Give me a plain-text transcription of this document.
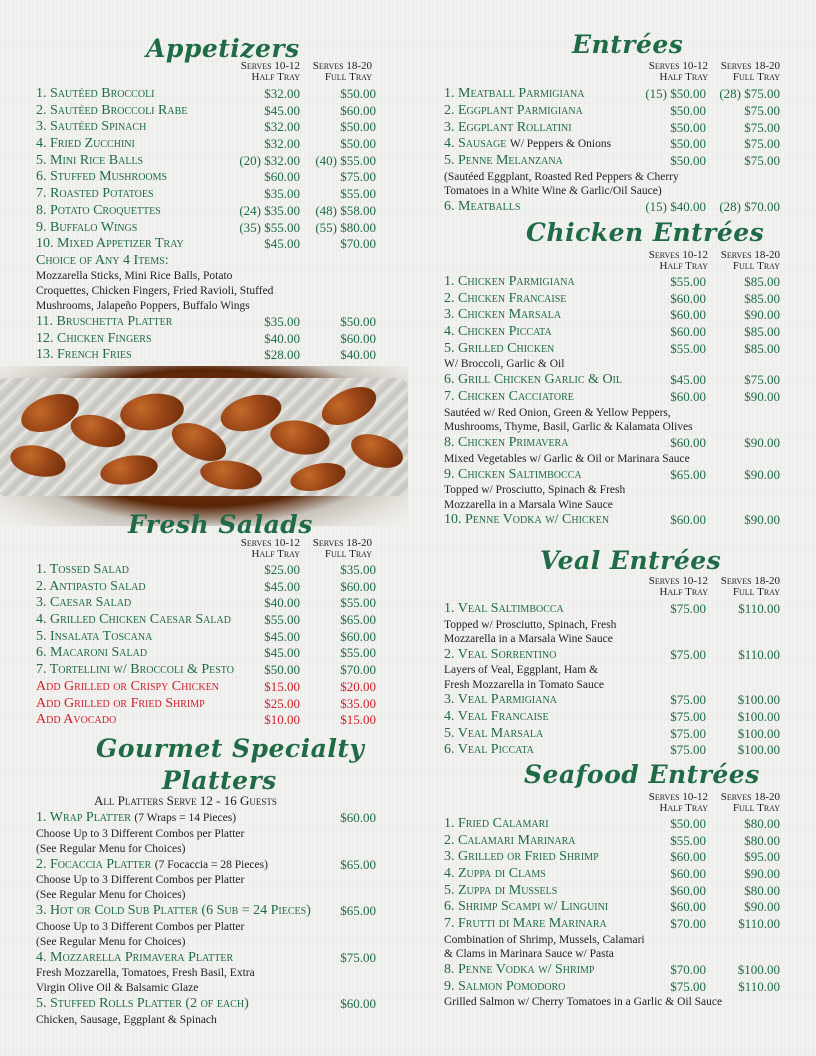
Appetizers
Serves 10-12
Half Tray
Serves 18-20
Full Tray
1. Sautéed Broccoli	$32.00	$50.00
2. Sautéed Broccoli Rabe	$45.00	$60.00
3. Sautéed Spinach	$32.00	$50.00
4. Fried Zucchini	$32.00	$50.00
5. Mini Rice Balls	(20) $32.00 (40) $55.00
6. Stuffed Mushrooms	$60.00	$75.00
7. Roasted Potatoes	$35.00	$55.00
8. Potato Croquettes	(24) $35.00 (48) $58.00
9. Buffalo Wings	(35) $55.00 (55) $80.00
10. Mixed Appetizer Tray	$45.00	$70.00
Choice of Any 4 Items:
Mozzarella Sticks, Mini Rice Balls, Potato
Croquettes, Chicken Fingers, Fried Ravioli, Stuffed
Mushrooms, Jalapeño Poppers, Buffalo Wings
11. Bruschetta Platter	$35.00	$50.00
12. Chicken Fingers	$40.00	$60.00
13. French Fries	$28.00	$40.00
Fresh Salads
Serves 10-12
Half Tray
Serves 18-20
Full Tray
1. Tossed Salad	$25.00	$35.00
2. Antipasto Salad	$45.00	$60.00
3. Caesar Salad	$40.00	$55.00
4. Grilled Chicken Caesar Salad	$55.00	$65.00
5. Insalata Toscana	$45.00	$60.00
6. Macaroni Salad	$45.00	$55.00
7. Tortellini w/ Broccoli & Pesto $50.00	$70.00
Add Grilled or Crispy Chicken	$15.00	$20.00
Add Grilled or Fried Shrimp	$25.00	$35.00
Add Avocado	$10.00	$15.00
Gourmet Specialty
Platters
All Platters Serve 12 - 16 Guests
1. Wrap Platter (7 Wraps = 14 Pieces)	$60.00
Choose Up to 3 Different Combos per Platter
(See Regular Menu for Choices)
2. Focaccia Platter (7 Focaccia = 28 Pieces)	$65.00
Choose Up to 3 Different Combos per Platter
(See Regular Menu for Choices)
3. Hot or Cold Sub Platter (6 Sub = 24 Pieces) $65.00
Choose Up to 3 Different Combos per Platter
(See Regular Menu for Choices)
4. Mozzarella Primavera Platter	$75.00
Fresh Mozzarella, Tomatoes, Fresh Basil, Extra
Virgin Olive Oil & Balsamic Glaze
5. Stuffed Rolls Platter (2 of each)	$60.00
Chicken, Sausage, Eggplant & Spinach
Entrées
Serves 10-12
Half Tray
Serves 18-20
Full Tray
1. Meatball Parmigiana	(15) $50.00 (28) $75.00
2. Eggplant Parmigiana	$50.00	$75.00
3. Eggplant Rollatini	$50.00	$75.00
4. Sausage W/ Peppers & Onions	$50.00	$75.00
5. Penne Melanzana	$50.00	$75.00
(Sautéed Eggplant, Roasted Red Peppers & Cherry
Tomatoes in a White Wine & Garlic/Oil Sauce)
6. Meatballs	(15) $40.00 (28) $70.00
Chicken Entrées
Serves 10-12
Half Tray
Serves 18-20
Full Tray
1. Chicken Parmigiana	$55.00	$85.00
2. Chicken Francaise	$60.00	$85.00
3. Chicken Marsala	$60.00	$90.00
4. Chicken Piccata	$60.00	$85.00
5. Grilled Chicken	$55.00	$85.00
W/ Broccoli, Garlic & Oil
6. Grill Chicken Garlic & Oil	$45.00	$75.00
7. Chicken Cacciatore	$60.00	$90.00
Sautéed w/ Red Onion, Green & Yellow Peppers,
Mushrooms, Thyme, Basil, Garlic & Kalamata Olives
8. Chicken Primavera	$60.00	$90.00
Mixed Vegetables w/ Garlic & Oil or Marinara Sauce
9. Chicken Saltimbocca	$65.00	$90.00
Topped w/ Prosciutto, Spinach & Fresh
Mozzarella in a Marsala Wine Sauce
10. Penne Vodka w/ Chicken	$60.00	$90.00
Veal Entrées
Serves 10-12
Half Tray
Serves 18-20
Full Tray
1. Veal Saltimbocca	$75.00 $110.00
Topped w/ Prosciutto, Spinach, Fresh
Mozzarella in a Marsala Wine Sauce
2. Veal Sorrentino	$75.00 $110.00
Layers of Veal, Eggplant, Ham &
Fresh Mozzarella in Tomato Sauce
3. Veal Parmigiana	$75.00 $100.00
4. Veal Francaise	$75.00 $100.00
5. Veal Marsala	$75.00 $100.00
6. Veal Piccata	$75.00 $100.00
Seafood Entrées
Serves 10-12
Half Tray
Serves 18-20
Full Tray
1. Fried Calamari	$50.00	$80.00
2. Calamari Marinara	$55.00	$80.00
3. Grilled or Fried Shrimp	$60.00	$95.00
4. Zuppa di Clams	$60.00	$90.00
5. Zuppa di Mussels	$60.00	$80.00
6. Shrimp Scampi w/ Linguini	$60.00	$90.00
7. Frutti di Mare Marinara	$70.00 $110.00
Combination of Shrimp, Mussels, Calamari
& Clams in Marinara Sauce w/ Pasta
8. Penne Vodka w/ Shrimp	$70.00 $100.00
9. Salmon Pomodoro	$75.00 $110.00
Grilled Salmon w/ Cherry Tomatoes in a Garlic & Oil Sauce
